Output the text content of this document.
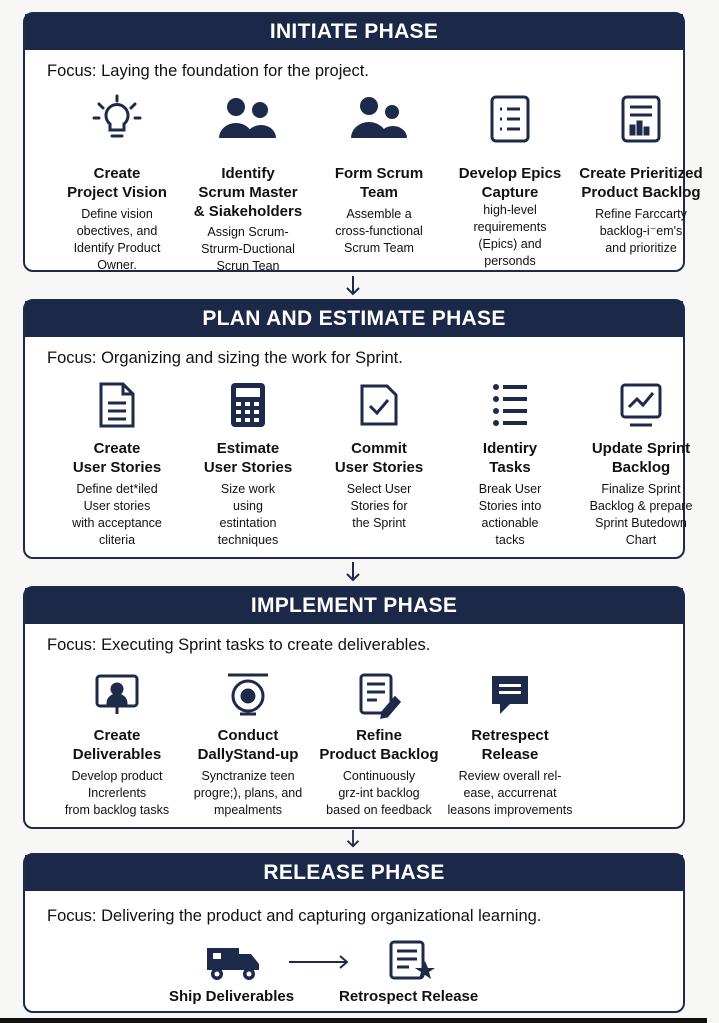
INITIATE PHASE
Focus: Laying the foundation for the project.
Create
Project Vision
Define vision
obectives, and
Identify Product
Owner.
Identify
Scrum Master
& Siakeholders
Assign Scrum-
Strurm-Ductional
Scrun Tean
Form Scrum
Team
Assemble a
cross-functional
Scrum Team
Develop Epics
Capture
high-level
requirements
(Epics) and
personds
Create Prieritized
Product Backlog
Refine Farccarty
backlog-i⁻em's
and prioritize
PLAN AND ESTIMATE PHASE
Focus: Organizing and sizing the work for Sprint.
Create
User Stories
Define det*iled
User stories
with acceptance
cliteria
Estimate
User Stories
Size work
using
estintation
techniques
Commit
User Stories
Select User
Stories for
the Sprint
Identiry
Tasks
Break User
Stories into
actionable
tacks
Update Sprint
Backlog
Finalize Sprint
Backlog & prepare
Sprint Butedown
Chart
IMPLEMENT PHASE
Focus: Executing Sprint tasks to create deliverables.
Create
Deliverables
Develop product
Increrlents
from backlog tasks
Conduct
DallyStand-up
Synctranize teen
progre;), plans, and
mpealments
Refine
Product Backlog
Continuously
grz-int backlog
based on feedback
Retrespect
Release
Review overall rel-
ease, accurrenat
leasons improvements
RELEASE PHASE
Focus: Delivering the product and capturing organizational learning.
Ship Deliverables	Retrospect Release
